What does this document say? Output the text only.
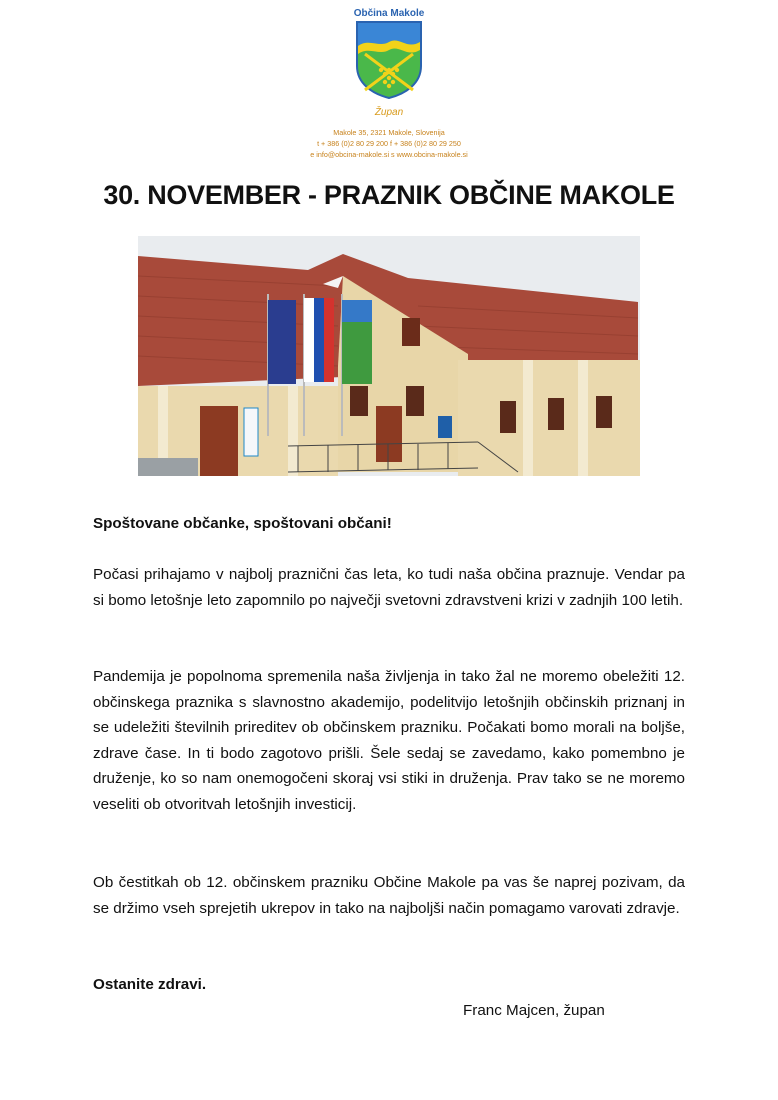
Občina Makole
Župan
Makole 35, 2321 Makole, Slovenija
t + 386 (0)2 80 29 200 f + 386 (0)2 80 29 250
e info@obcina-makole.si s www.obcina-makole.si
30. NOVEMBER - PRAZNIK OBČINE MAKOLE
Spoštovane občanke, spoštovani občani!
Počasi prihajamo v najbolj praznični čas leta, ko tudi naša občina praznuje. Vendar pa si bomo letošnje leto zapomnilo po največji svetovni zdravstveni krizi v zadnjih 100 letih.
Pandemija je popolnoma spremenila naša življenja in tako žal ne moremo obeležiti 12. občinskega praznika s slavnostno akademijo, podelitvijo letošnjih občinskih priznanj in se udeležiti številnih prireditev ob občinskem prazniku. Počakati bomo morali na boljše, zdrave čase. In ti bodo zagotovo prišli. Šele sedaj se zavedamo, kako pomembno je druženje, ko so nam onemogočeni skoraj vsi stiki in druženja. Prav tako se ne moremo veseliti ob otvoritvah letošnjih investicij.
Ob čestitkah ob 12. občinskem prazniku Občine Makole pa vas še naprej pozivam, da se držimo vseh sprejetih ukrepov in tako na najboljši način pomagamo varovati zdravje.
Ostanite zdravi.
Franc Majcen, župan
